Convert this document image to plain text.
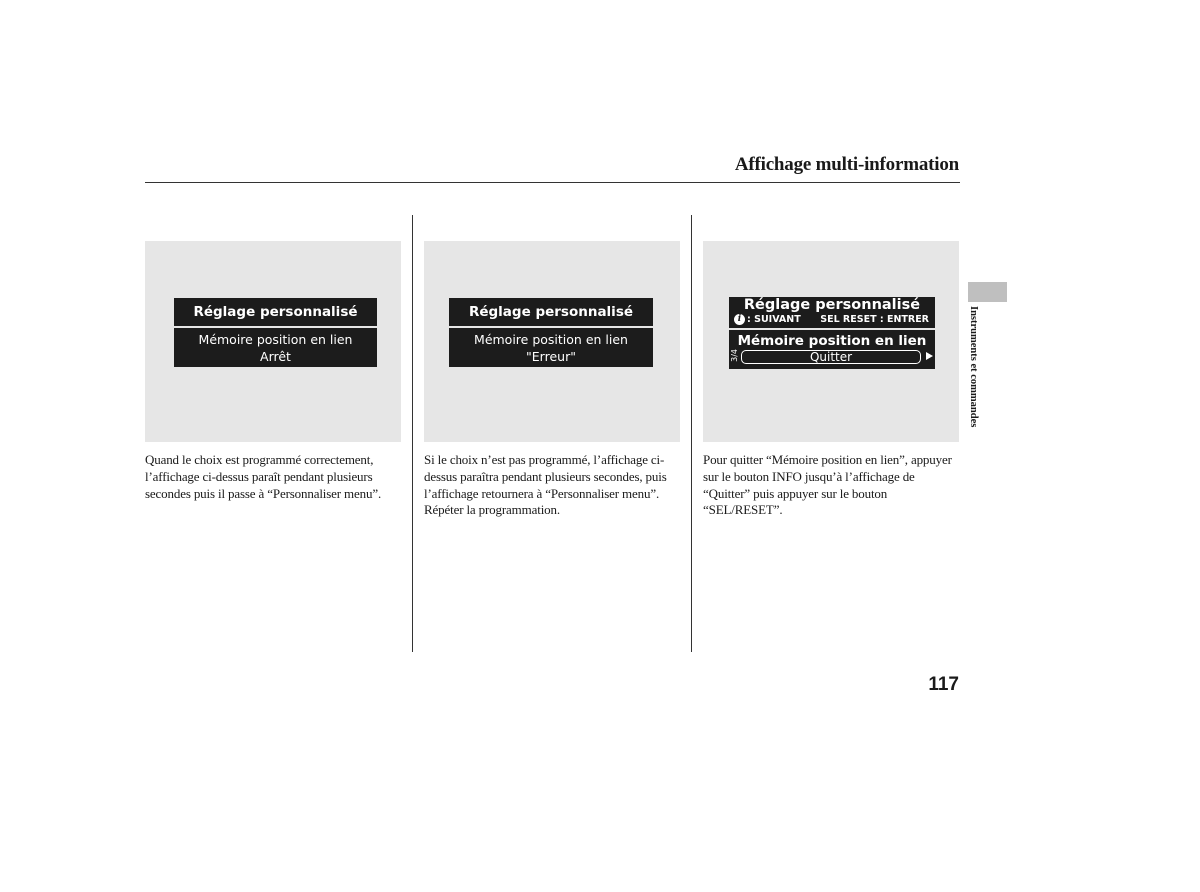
Affichage multi-information
Réglage personnalisé
Mémoire position en lien
Arrêt
Réglage personnalisé
Mémoire position en lien
"Erreur"
Réglage personnalisé
i : SUIVANT SEL RESET : ENTRER
Mémoire position en lien
3/4	Quitter
Quand le choix est programmé correctement, l’affichage ci-dessus paraît pendant plusieurs secondes puis il passe à “Personnaliser menu”.
Si le choix n’est pas programmé, l’affichage ci-dessus paraîtra pendant plusieurs secondes, puis l’affichage retournera à “Personnaliser menu”. Répéter la programmation.
Pour quitter “Mémoire position en lien”, appuyer sur le bouton INFO jusqu’à l’affichage de “Quitter” puis appuyer sur le bouton “SEL/RESET”.
Instruments et commandes
117
